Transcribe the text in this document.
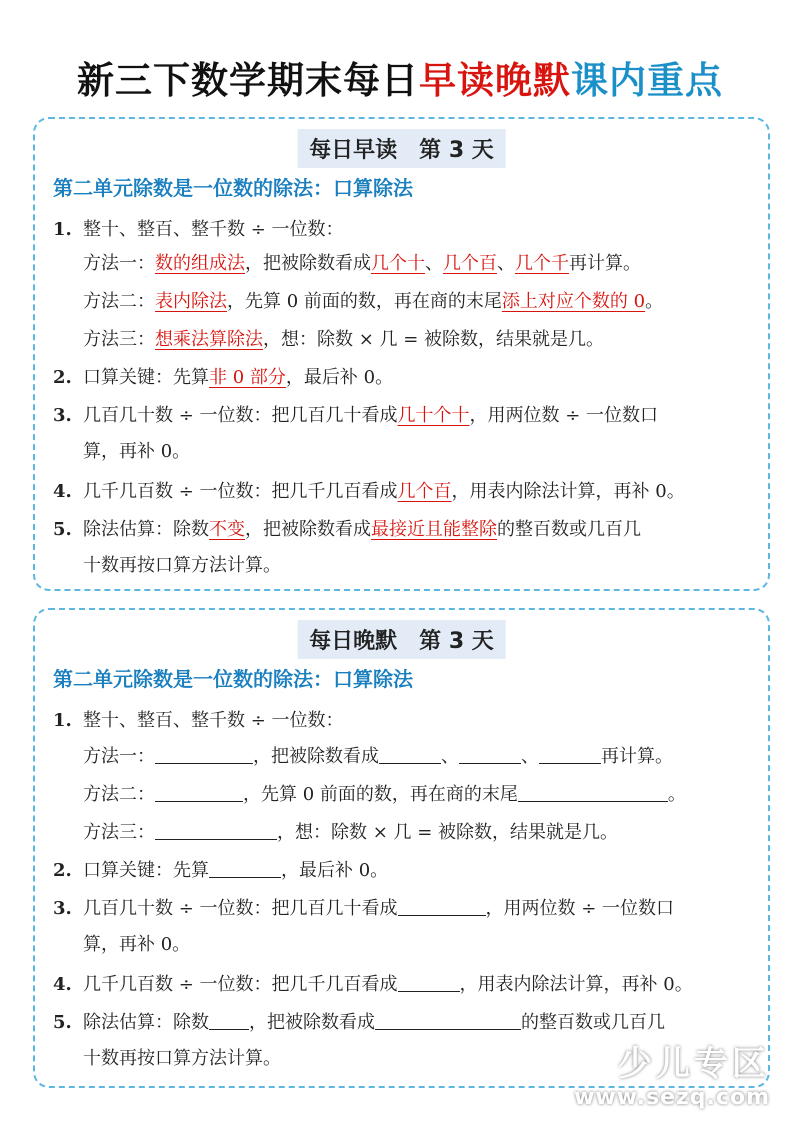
新三下数学期末每日早读晚默课内重点
每日早读　第 3 天
第二单元除数是一位数的除法：口算除法
1. 整十、整百、整千数 ÷ 一位数：
方法一：数的组成法，把被除数看成几个十、几个百、几个千再计算。
方法二：表内除法，先算 0 前面的数，再在商的末尾添上对应个数的 0。
方法三：想乘法算除法，想：除数 × 几 = 被除数，结果就是几。
2. 口算关键：先算非 0 部分，最后补 0。
3. 几百几十数 ÷ 一位数：把几百几十看成几十个十，用两位数 ÷ 一位数口
算，再补 0。
4. 几千几百数 ÷ 一位数：把几千几百看成几个百，用表内除法计算，再补 0。
5. 除法估算：除数不变，把被除数看成最接近且能整除的整百数或几百几
十数再按口算方法计算。
每日晚默　第 3 天
第二单元除数是一位数的除法：口算除法
1. 整十、整百、整千数 ÷ 一位数：
方法一：	，把被除数看成	、	、	再计算。
方法二：	，先算 0 前面的数，再在商的末尾	。
方法三：	，想：除数 × 几 = 被除数，结果就是几。
2. 口算关键：先算	，最后补 0。
3. 几百几十数 ÷ 一位数：把几百几十看成	，用两位数 ÷ 一位数口
算，再补 0。
4. 几千几百数 ÷ 一位数：把几千几百看成	，用表内除法计算，再补 0。
5. 除法估算：除数 ，把被除数看成	的整百数或几百几
十数再按口算方法计算。	少儿专区
www.sezq.com
